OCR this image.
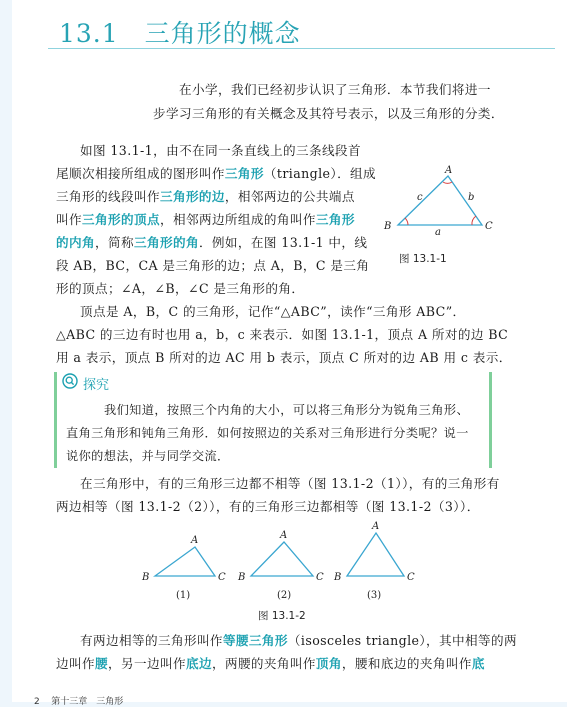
13.1　三角形的概念
在小学，我们已经初步认识了三角形．本节我们将进一
步学习三角形的有关概念及其符号表示，以及三角形的分类．
如图 13.1-1，由不在同一条直线上的三条线段首
尾顺次相接所组成的图形叫作三角形（triangle）．组成
三角形的线段叫作三角形的边，相邻两边的公共端点
叫作三角形的顶点，相邻两边所组成的角叫作三角形
的内角，简称三角形的角．例如，在图 13.1-1 中，线
段 AB，BC，CA 是三角形的边；点 A，B，C 是三角
形的顶点；∠A，∠B，∠C 是三角形的角．
A
B	C
a
b
c
图 13.1-1
顶点是 A，B，C 的三角形，记作“△ABC”，读作“三角形 ABC”．
△ABC 的三边有时也用 a，b，c 来表示．如图 13.1-1，顶点 A 所对的边 BC
用 a 表示，顶点 B 所对的边 AC 用 b 表示，顶点 C 所对的边 AB 用 c 表示．
探究
我们知道，按照三个内角的大小，可以将三角形分为锐角三角形、
直角三角形和钝角三角形．如何按照边的关系对三角形进行分类呢？说一
说你的想法，并与同学交流．
在三角形中，有的三角形三边都不相等（图 13.1-2（1）），有的三角形有
两边相等（图 13.1-2（2）），有的三角形三边都相等（图 13.1-2（3））．
A
B	C
(1)
A
B	C
(2)
A
B	C
(3)
图 13.1-2
有两边相等的三角形叫作等腰三角形（isosceles triangle），其中相等的两
边叫作腰，另一边叫作底边，两腰的夹角叫作顶角，腰和底边的夹角叫作底
2 第十三章　三角形
